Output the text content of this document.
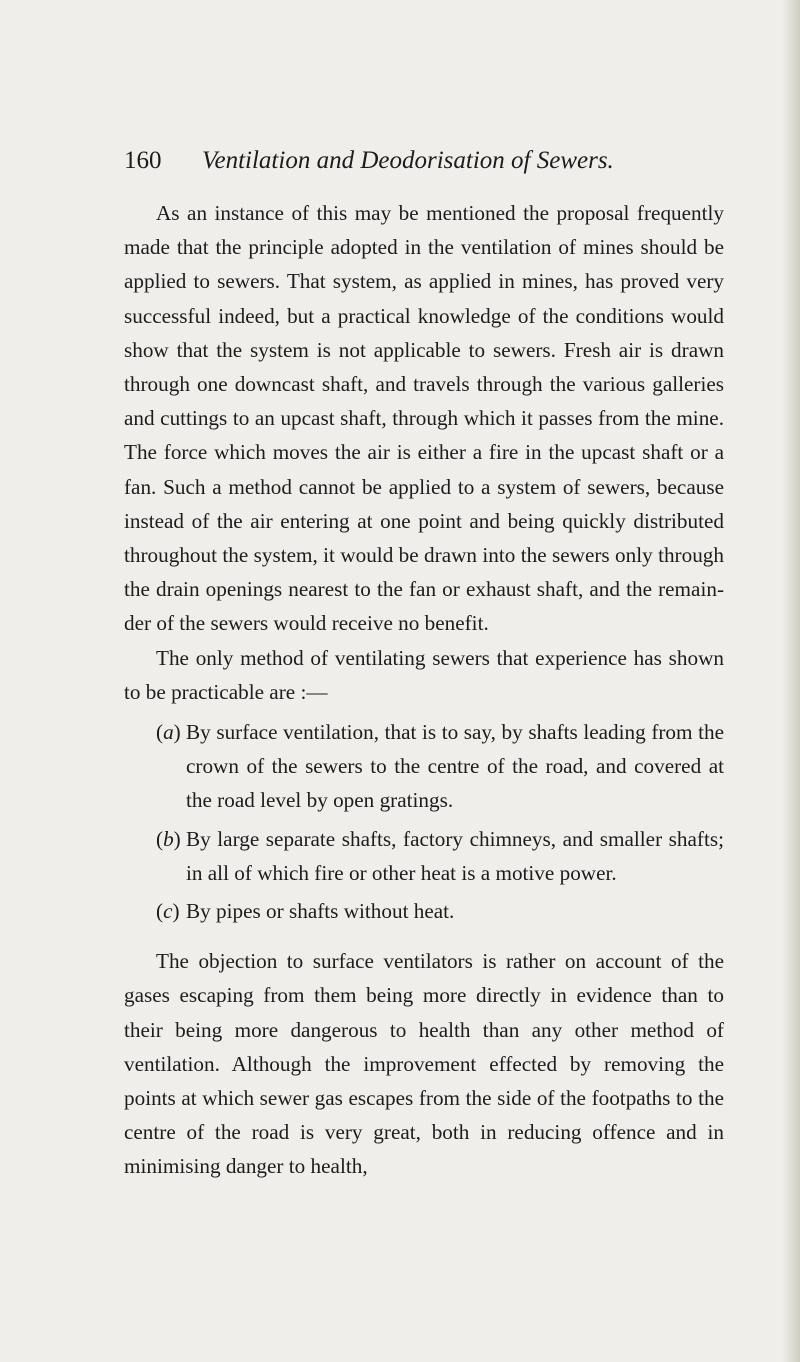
160 Ventilation and Deodorisation of Sewers.

As an instance of this may be mentioned the proposal frequently made that the principle adopted in the ventilation of mines should be applied to sewers. That system, as applied in mines, has proved very successful indeed, but a practical knowledge of the conditions would show that the system is not applicable to sewers. Fresh air is drawn through one downcast shaft, and travels through the various galleries and cuttings to an upcast shaft, through which it passes from the mine. The force which moves the air is either a fire in the upcast shaft or a fan. Such a method cannot be applied to a system of sewers, because instead of the air entering at one point and being quickly distributed throughout the system, it would be drawn into the sewers only through the drain openings nearest to the fan or exhaust shaft, and the remainder of the sewers would receive no benefit.

The only method of ventilating sewers that experience has shown to be practicable are :—

(a) By surface ventilation, that is to say, by shafts leading from the crown of the sewers to the centre of the road, and covered at the road level by open gratings.
(b) By large separate shafts, factory chimneys, and smaller shafts; in all of which fire or other heat is a motive power.
(c) By pipes or shafts without heat.

The objection to surface ventilators is rather on account of the gases escaping from them being more directly in evidence than to their being more dangerous to health than any other method of ventilation. Although the improvement effected by removing the points at which sewer gas escapes from the side of the footpaths to the centre of the road is very great, both in reducing offence and in minimising danger to health,
